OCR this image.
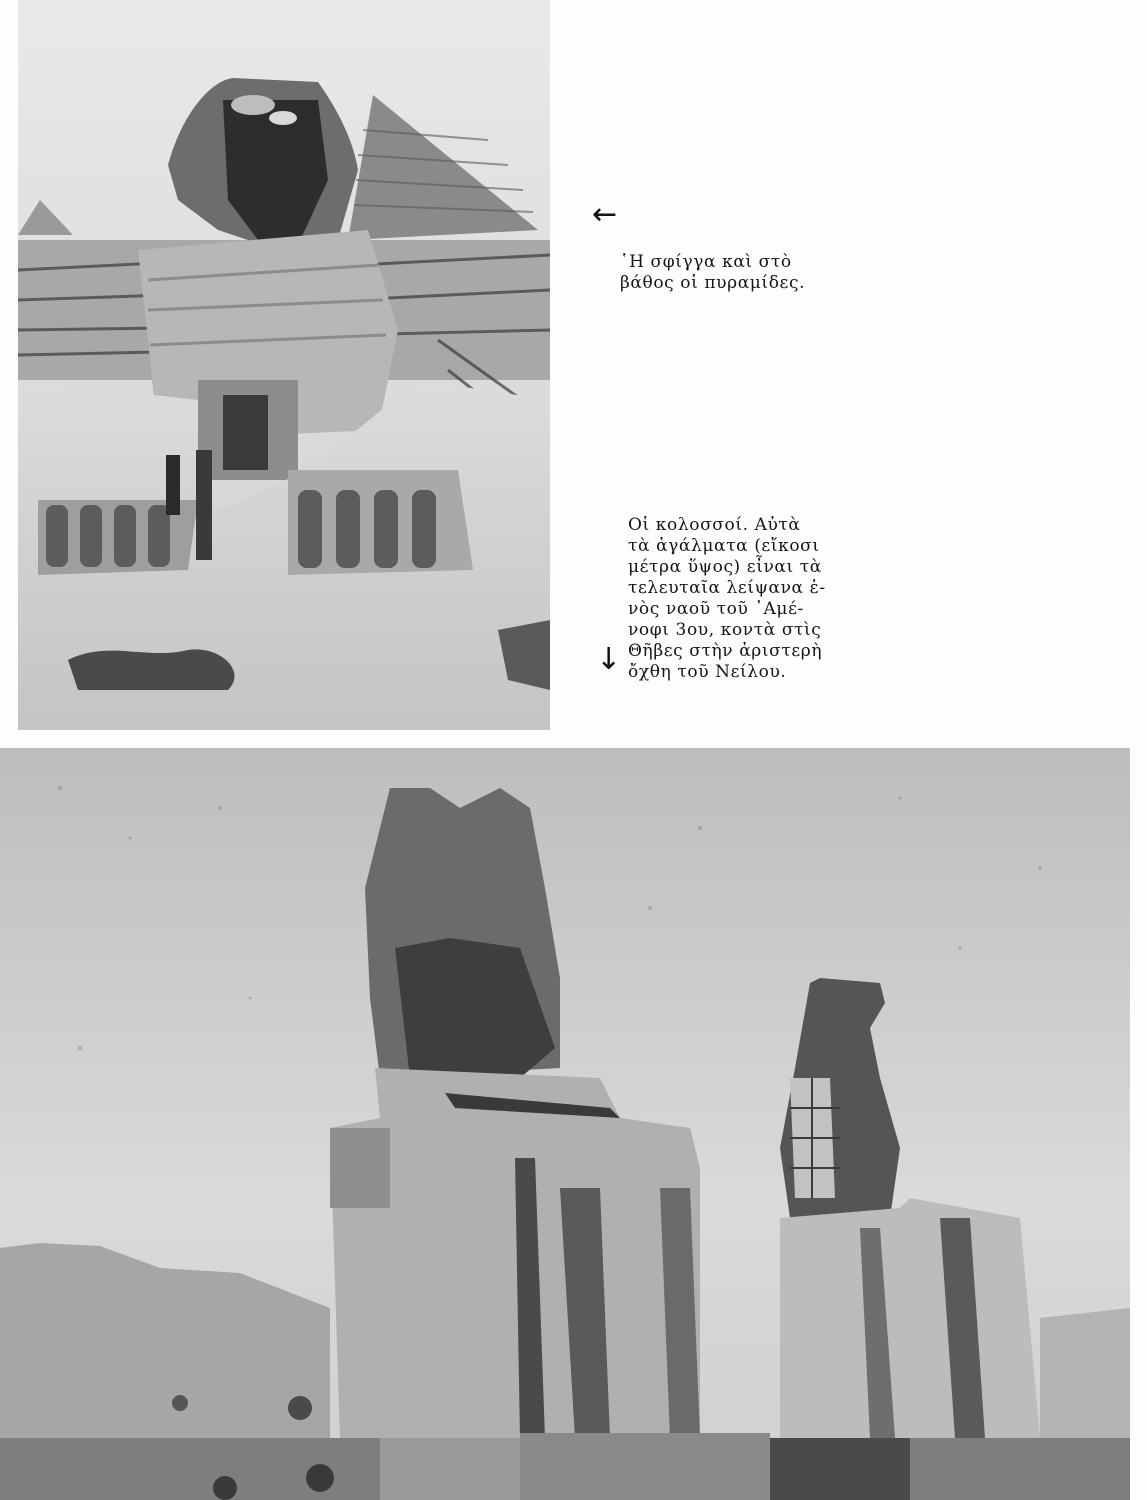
←
῾Η σφίγγα καὶ στὸ
βάθος οἱ πυραμίδες.
Οἱ κολοσσοί. Αὐτὰ
τὰ ἀγάλματα (εἴκοσι
μέτρα ὕψος) εἶναι τὰ
τελευταῖα λείψανα ἑ-
νὸς ναοῦ τοῦ ᾿Αμέ-
νοφι 3ου, κοντὰ στὶς
Θῆβες στὴν ἀριστερὴ
ὄχθη τοῦ Νείλου.
↓
